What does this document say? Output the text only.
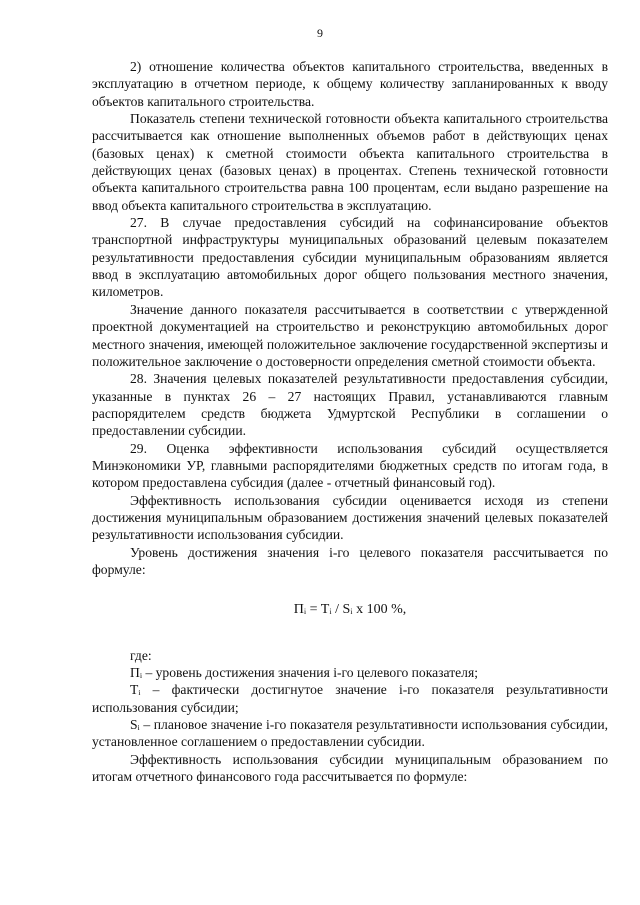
9

2) отношение количества объектов капитального строительства, введенных в эксплуатацию в отчетном периоде, к общему количеству запланированных к вводу объектов капитального строительства.

Показатель степени технической готовности объекта капитального строительства рассчитывается как отношение выполненных объемов работ в действующих ценах (базовых ценах) к сметной стоимости объекта капитального строительства в действующих ценах (базовых ценах) в процентах. Степень технической готовности объекта капитального строительства равна 100 процентам, если выдано разрешение на ввод объекта капитального строительства в эксплуатацию.

27. В случае предоставления субсидий на софинансирование объектов транспортной инфраструктуры муниципальных образований целевым показателем результативности предоставления субсидии муниципальным образованиям является ввод в эксплуатацию автомобильных дорог общего пользования местного значения, километров.

Значение данного показателя рассчитывается в соответствии с утвержденной проектной документацией на строительство и реконструкцию автомобильных дорог местного значения, имеющей положительное заключение государственной экспертизы и положительное заключение о достоверности определения сметной стоимости объекта.

28. Значения целевых показателей результативности предоставления субсидии, указанные в пунктах 26 – 27 настоящих Правил, устанавливаются главным распорядителем средств бюджета Удмуртской Республики в соглашении о предоставлении субсидии.

29. Оценка эффективности использования субсидий осуществляется Минэкономики УР, главными распорядителями бюджетных средств по итогам года, в котором предоставлена субсидия (далее - отчетный финансовый год).

Эффективность использования субсидии оценивается исходя из степени достижения муниципальным образованием достижения значений целевых показателей результативности использования субсидии.

Уровень достижения значения i-го целевого показателя рассчитывается по формуле:

Пᵢ = Tᵢ / Sᵢ x 100 %,

где:

Пᵢ – уровень достижения значения i-го целевого показателя;

Tᵢ – фактически достигнутое значение i-го показателя результативности использования субсидии;

Sᵢ – плановое значение i-го показателя результативности использования субсидии, установленное соглашением о предоставлении субсидии.

Эффективность использования субсидии муниципальным образованием по итогам отчетного финансового года рассчитывается по формуле:
